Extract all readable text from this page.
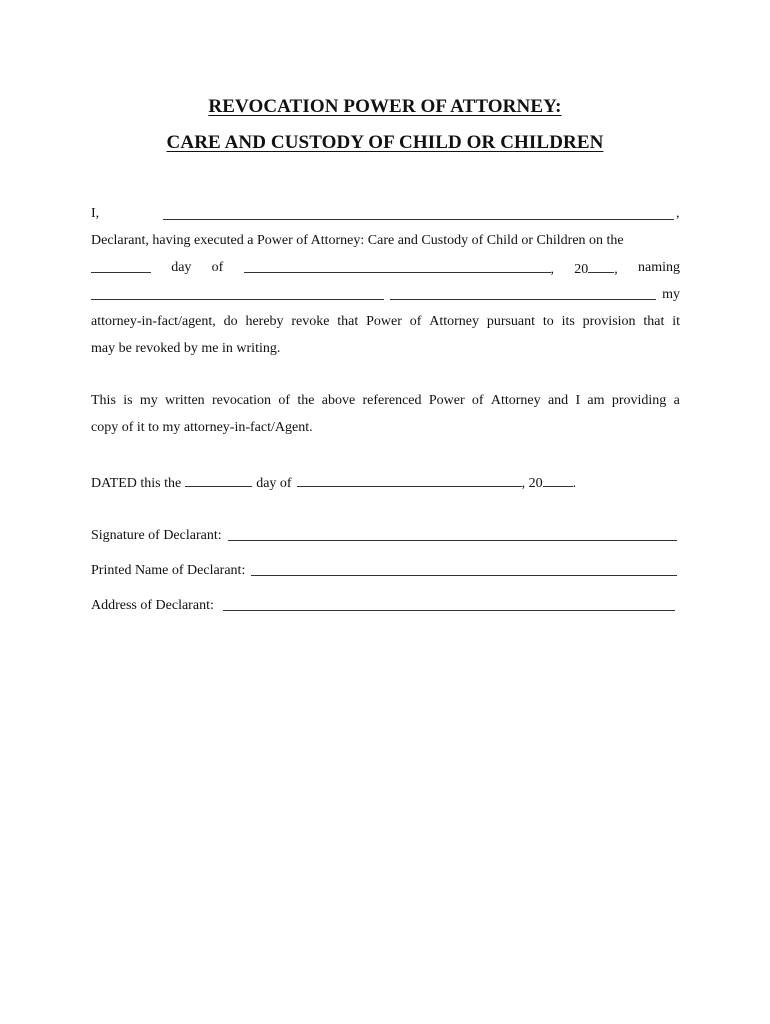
REVOCATION POWER OF ATTORNEY:
CARE AND CUSTODY OF CHILD OR CHILDREN
I,	,
Declarant, having executed a Power of Attorney: Care and Custody of Child or Children on the
day of	, 20 , naming
my
attorney-in-fact/agent, do hereby revoke that Power of Attorney pursuant to its provision that it
may be revoked by me in writing.
This is my written revocation of the above referenced Power of Attorney and I am providing a
copy of it to my attorney-in-fact/Agent.
DATED this the	day of	, 20 .
Signature of Declarant:
Printed Name of Declarant:
Address of Declarant:
